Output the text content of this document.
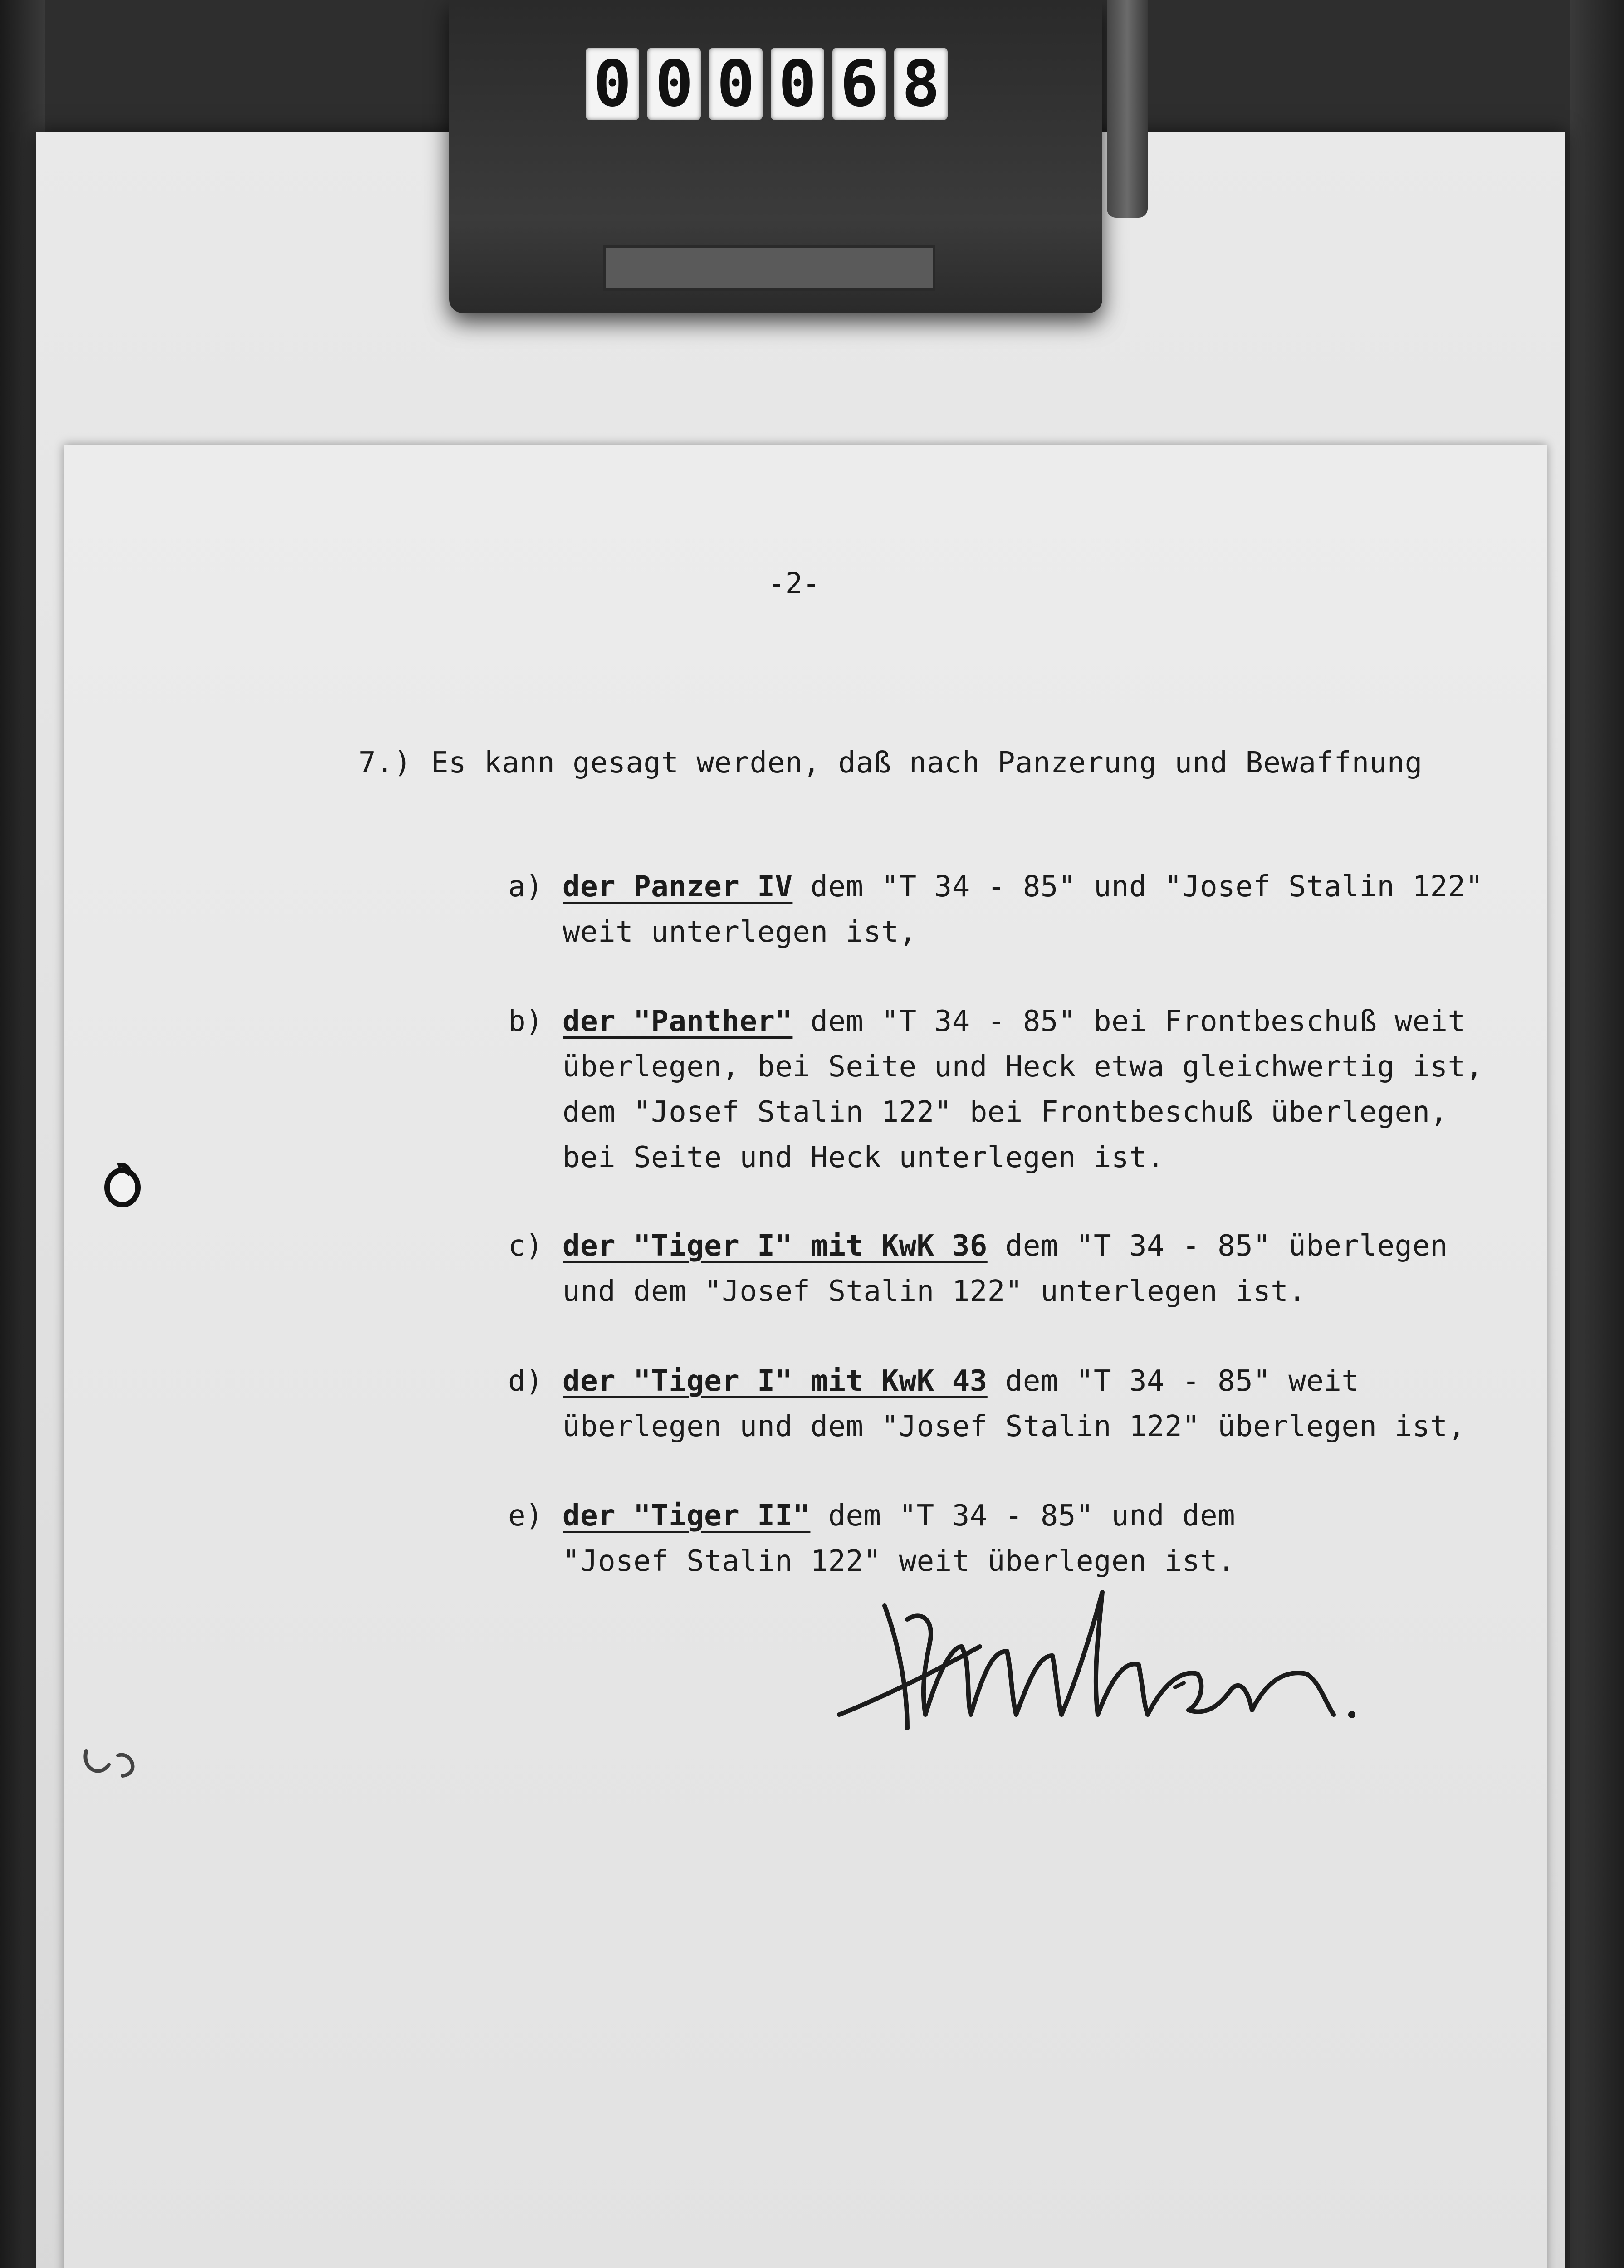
0 0 0 0 6 8
-2-
7.) Es kann gesagt werden, daß nach Panzerung und Bewaffnung
a) der Panzer IV dem "T 34 - 85" und "Josef Stalin 122"
weit unterlegen ist,
b) der "Panther" dem "T 34 - 85" bei Frontbeschuß weit
überlegen, bei Seite und Heck etwa gleichwertig ist,
dem "Josef Stalin 122" bei Frontbeschuß überlegen,
bei Seite und Heck unterlegen ist.
c) der "Tiger I" mit KwK 36 dem "T 34 - 85" überlegen
und dem "Josef Stalin 122" unterlegen ist.
d) der "Tiger I" mit KwK 43 dem "T 34 - 85" weit
überlegen und dem "Josef Stalin 122" überlegen ist,
e) der "Tiger II" dem "T 34 - 85" und dem
"Josef Stalin 122" weit überlegen ist.
